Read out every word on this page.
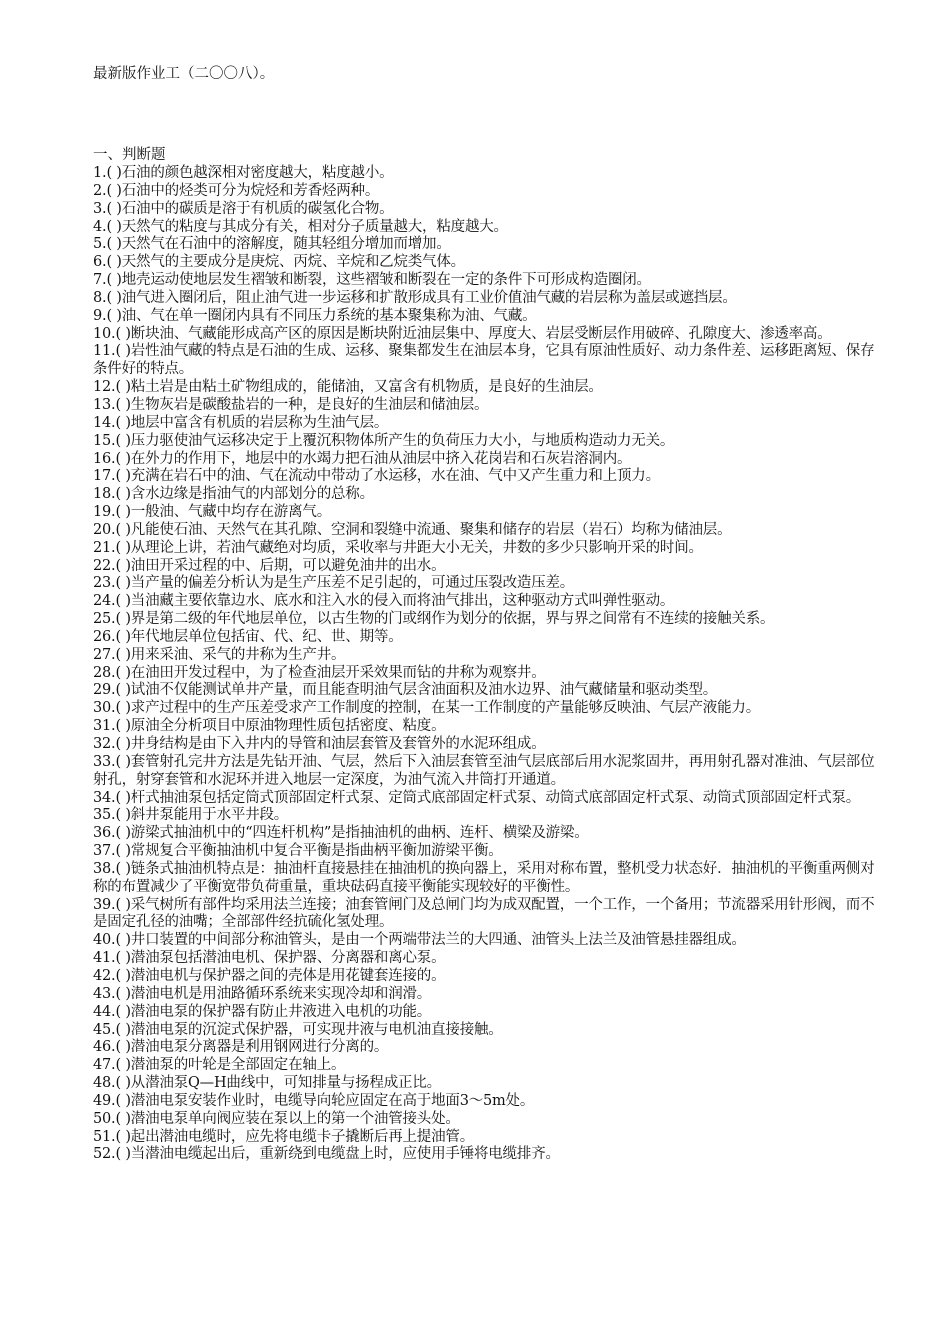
最新版作业工（二〇〇八）。

一、判断题

1.( )石油的颜色越深相对密度越大，粘度越小。
2.( )石油中的烃类可分为烷烃和芳香烃两种。
3.( )石油中的碳质是溶于有机质的碳氢化合物。
4.( )天然气的粘度与其成分有关，相对分子质量越大，粘度越大。
5.( )天然气在石油中的溶解度，随其轻组分增加而增加。
6.( )天然气的主要成分是庚烷、丙烷、辛烷和乙烷类气体。
7.( )地壳运动使地层发生褶皱和断裂，这些褶皱和断裂在一定的条件下可形成构造圈闭。
8.( )油气进入圈闭后，阻止油气进一步运移和扩散形成具有工业价值油气藏的岩层称为盖层或遮挡层。
9.( )油、气在单一圈闭内具有不同压力系统的基本聚集称为油、气藏。
10.( )断块油、气藏能形成高产区的原因是断块附近油层集中、厚度大、岩层受断层作用破碎、孔隙度大、渗透率高。
11.( )岩性油气藏的特点是石油的生成、运移、聚集都发生在油层本身，它具有原油性质好、动力条件差、运移距离短、保存条件好的特点。
12.( )粘土岩是由粘土矿物组成的，能储油，又富含有机物质，是良好的生油层。
13.( )生物灰岩是碳酸盐岩的一种，是良好的生油层和储油层。
14.( )地层中富含有机质的岩层称为生油气层。
15.( )压力驱使油气运移决定于上覆沉积物体所产生的负荷压力大小，与地质构造动力无关。
16.( )在外力的作用下，地层中的水竭力把石油从油层中挤入花岗岩和石灰岩溶洞内。
17.( )充满在岩石中的油、气在流动中带动了水运移，水在油、气中又产生重力和上顶力。
18.( )含水边缘是指油气的内部划分的总称。
19.( )一般油、气藏中均存在游离气。
20.( )凡能使石油、天然气在其孔隙、空洞和裂缝中流通、聚集和储存的岩层（岩石）均称为储油层。
21.( )从理论上讲，若油气藏绝对均质，采收率与井距大小无关，井数的多少只影响开采的时间。
22.( )油田开采过程的中、后期，可以避免油井的出水。
23.( )当产量的偏差分析认为是生产压差不足引起的，可通过压裂改造压差。
24.( )当油藏主要依靠边水、底水和注入水的侵入而将油气排出，这种驱动方式叫弹性驱动。
25.( )界是第二级的年代地层单位，以古生物的门或纲作为划分的依据，界与界之间常有不连续的接触关系。
26.( )年代地层单位包括宙、代、纪、世、期等。
27.( )用来采油、采气的井称为生产井。
28.( )在油田开发过程中，为了检查油层开采效果而钻的井称为观察井。
29.( )试油不仅能测试单井产量，而且能查明油气层含油面积及油水边界、油气藏储量和驱动类型。
30.( )求产过程中的生产压差受求产工作制度的控制，在某一工作制度的产量能够反映油、气层产液能力。
31.( )原油全分析项目中原油物理性质包括密度、粘度。
32.( )井身结构是由下入井内的导管和油层套管及套管外的水泥环组成。
33.( )套管射孔完井方法是先钻开油、气层，然后下入油层套管至油气层底部后用水泥浆固井，再用射孔器对准油、气层部位射孔，射穿套管和水泥环并进入地层一定深度，为油气流入井筒打开通道。
34.( )杆式抽油泵包括定筒式顶部固定杆式泵、定筒式底部固定杆式泵、动筒式底部固定杆式泵、动筒式顶部固定杆式泵。
35.( )斜井泵能用于水平井段。
36.( )游梁式抽油机中的“四连杆机构”是指抽油机的曲柄、连杆、横梁及游梁。
37.( )常规复合平衡抽油机中复合平衡是指曲柄平衡加游梁平衡。
38.( )链条式抽油机特点是：抽油杆直接悬挂在抽油机的换向器上，采用对称布置，整机受力状态好．抽油机的平衡重两侧对称的布置减少了平衡宽带负荷重量，重块砝码直接平衡能实现较好的平衡性。
39.( )采气树所有部件均采用法兰连接；油套管闸门及总闸门均为成双配置，一个工作，一个备用；节流器采用针形阀，而不是固定孔径的油嘴；全部部件经抗硫化氢处理。
40.( )井口装置的中间部分称油管头，是由一个两端带法兰的大四通、油管头上法兰及油管悬挂器组成。
41.( )潜油泵包括潜油电机、保护器、分离器和离心泵。
42.( )潜油电机与保护器之间的壳体是用花键套连接的。
43.( )潜油电机是用油路循环系统来实现冷却和润滑。
44.( )潜油电泵的保护器有防止井液进入电机的功能。
45.( )潜油电泵的沉淀式保护器，可实现井液与电机油直接接触。
46.( )潜油电泵分离器是利用钢网进行分离的。
47.( )潜油泵的叶轮是全部固定在轴上。
48.( )从潜油泵Q—H曲线中，可知排量与扬程成正比。
49.( )潜油电泵安装作业时，电缆导向轮应固定在高于地面3～5m处。
50.( )潜油电泵单向阀应装在泵以上的第一个油管接头处。
51.( )起出潜油电缆时，应先将电缆卡子撬断后再上提油管。
52.( )当潜油电缆起出后，重新绕到电缆盘上时，应使用手锤将电缆排齐。
